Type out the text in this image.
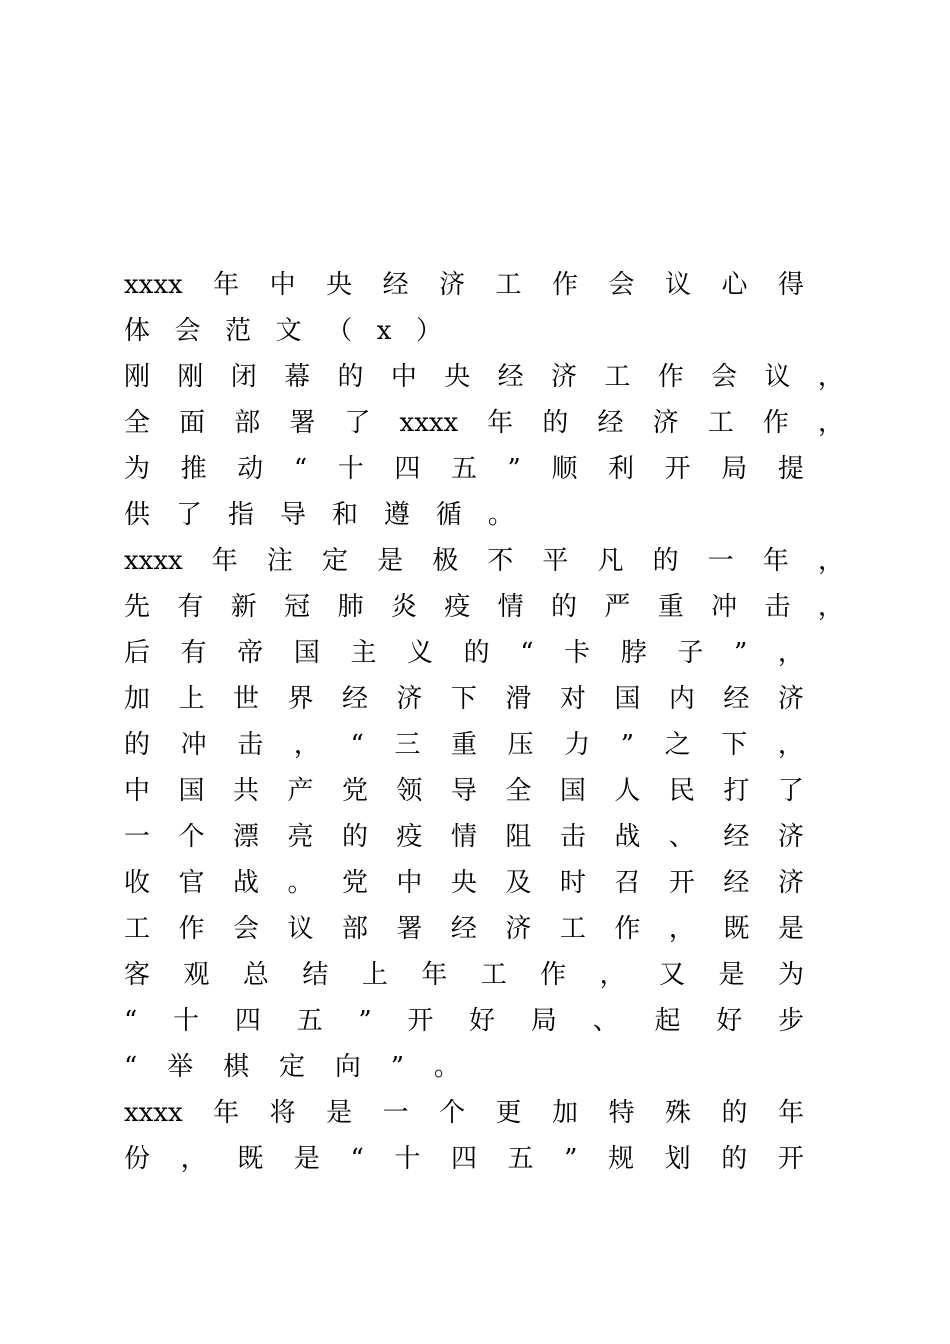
xxxx 年 中 央 经 济 工 作 会 议 心 得
体 会 范 文 （ x ）
刚 刚 闭 幕 的 中 央 经 济 工 作 会 议 ，
全 面 部 署 了 xxxx 年 的 经 济 工 作 ，
为 推 动 “ 十 四 五 ” 顺 利 开 局 提
供 了 指 导 和 遵 循 。
xxxx 年 注 定 是 极 不 平 凡 的 一 年 ，
先 有 新 冠 肺 炎 疫 情 的 严 重 冲 击 ，
后 有 帝 国 主 义 的 “ 卡 脖 子 ” ，
加 上 世 界 经 济 下 滑 对 国 内 经 济
的 冲 击 ， “ 三 重 压 力 ” 之 下 ，
中 国 共 产 党 领 导 全 国 人 民 打 了
一 个 漂 亮 的 疫 情 阻 击 战 、 经 济
收 官 战 。 党 中 央 及 时 召 开 经 济
工 作 会 议 部 署 经 济 工 作 ， 既 是
客 观 总 结 上 年 工 作 ， 又 是 为
“ 十 四 五 ” 开 好 局 、 起 好 步
“ 举 棋 定 向 ” 。
xxxx 年 将 是 一 个 更 加 特 殊 的 年
份 ， 既 是 “ 十 四 五 ” 规 划 的 开
